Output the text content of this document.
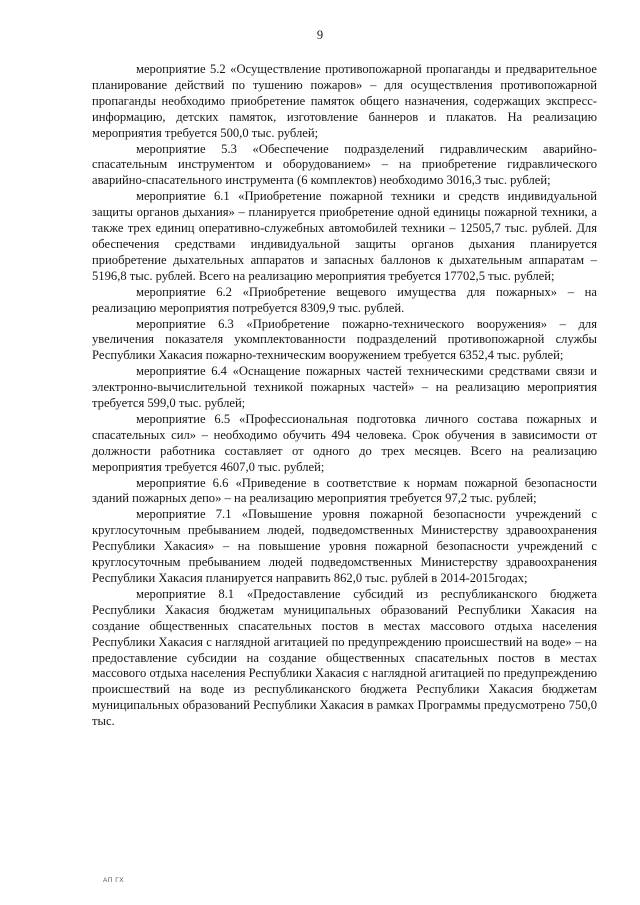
9

мероприятие 5.2 «Осуществление противопожарной пропаганды и предварительное планирование действий по тушению пожаров» – для осуществления противопожарной пропаганды необходимо приобретение памяток общего назначения, содержащих экспресс-информацию, детских памяток, изготовление баннеров и плакатов. На реализацию мероприятия требуется 500,0 тыс. рублей;

мероприятие 5.3 «Обеспечение подразделений гидравлическим аварийно-спасательным инструментом и оборудованием» – на приобретение гидравлического аварийно-спасательного инструмента (6 комплектов) необходимо 3016,3 тыс. рублей;

мероприятие 6.1 «Приобретение пожарной техники и средств индивидуальной защиты органов дыхания» – планируется приобретение одной единицы пожарной техники, а также трех единиц оперативно-служебных автомобилей техники – 12505,7 тыс. рублей. Для обеспечения средствами индивидуальной защиты органов дыхания планируется приобретение дыхательных аппаратов и запасных баллонов к дыхательным аппаратам – 5196,8 тыс. рублей. Всего на реализацию мероприятия требуется 17702,5 тыс. рублей;

мероприятие 6.2 «Приобретение вещевого имущества для пожарных» – на реализацию мероприятия потребуется 8309,9 тыс. рублей.

мероприятие 6.3 «Приобретение пожарно-технического вооружения» – для увеличения показателя укомплектованности подразделений противопожарной службы Республики Хакасия пожарно-техническим вооружением требуется 6352,4 тыс. рублей;

мероприятие 6.4 «Оснащение пожарных частей техническими средствами связи и электронно-вычислительной техникой пожарных частей» – на реализацию мероприятия требуется 599,0 тыс. рублей;

мероприятие 6.5 «Профессиональная подготовка личного состава пожарных и спасательных сил» – необходимо обучить 494 человека. Срок обучения в зависимости от должности работника составляет от одного до трех месяцев. Всего на реализацию мероприятия требуется 4607,0 тыс. рублей;

мероприятие 6.6 «Приведение в соответствие к нормам пожарной безопасности зданий пожарных депо» – на реализацию мероприятия требуется 97,2 тыс. рублей;

мероприятие 7.1 «Повышение уровня пожарной безопасности учреждений с круглосуточным пребыванием людей, подведомственных Министерству здравоохранения Республики Хакасия» – на повышение уровня пожарной безопасности учреждений с круглосуточным пребыванием людей подведомственных Министерству здравоохранения Республики Хакасия планируется направить 862,0 тыс. рублей в 2014-2015годах;

мероприятие 8.1 «Предоставление субсидий из республиканского бюджета Республики Хакасия бюджетам муниципальных образований Республики Хакасия на создание общественных спасательных постов в местах массового отдыха населения Республики Хакасия с наглядной агитацией по предупреждению происшествий на воде» – на предоставление субсидии на создание общественных спасательных постов в местах массового отдыха населения Республики Хакасия с наглядной агитацией по предупреждению происшествий на воде из республиканского бюджета Республики Хакасия бюджетам муниципальных образований Республики Хакасия в рамках Программы предусмотрено 750,0 тыс.

АП ГХ
